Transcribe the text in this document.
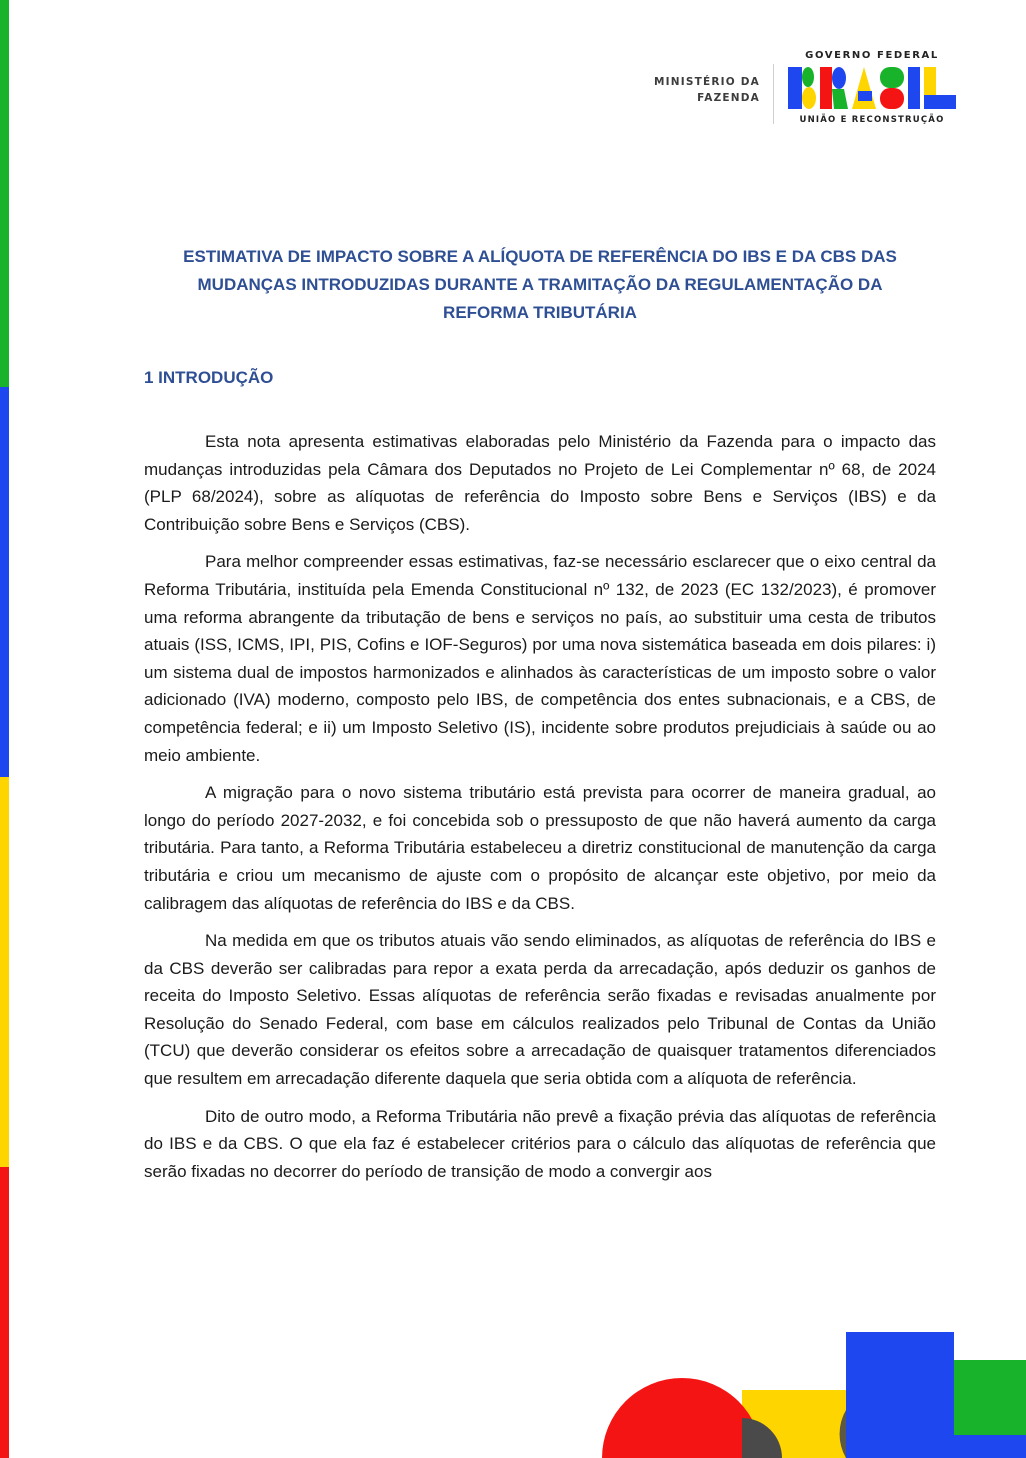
MINISTÉRIO DA
FAZENDA
GOVERNO FEDERAL
UNIÃO E RECONSTRUÇÃO
ESTIMATIVA DE IMPACTO SOBRE A ALÍQUOTA DE REFERÊNCIA DO IBS E DA CBS DAS
MUDANÇAS INTRODUZIDAS DURANTE A TRAMITAÇÃO DA REGULAMENTAÇÃO DA
REFORMA TRIBUTÁRIA
1 INTRODUÇÃO

Esta nota apresenta estimativas elaboradas pelo Ministério da Fazenda para o impacto das mudanças introduzidas pela Câmara dos Deputados no Projeto de Lei Complementar nº 68, de 2024 (PLP 68/2024), sobre as alíquotas de referência do Imposto sobre Bens e Serviços (IBS) e da Contribuição sobre Bens e Serviços (CBS).

Para melhor compreender essas estimativas, faz-se necessário esclarecer que o eixo central da Reforma Tributária, instituída pela Emenda Constitucional nº 132, de 2023 (EC 132/2023), é promover uma reforma abrangente da tributação de bens e serviços no país, ao substituir uma cesta de tributos atuais (ISS, ICMS, IPI, PIS, Cofins e IOF-Seguros) por uma nova sistemática baseada em dois pilares: i) um sistema dual de impostos harmonizados e alinhados às características de um imposto sobre o valor adicionado (IVA) moderno, composto pelo IBS, de competência dos entes subnacionais, e a CBS, de competência federal; e ii) um Imposto Seletivo (IS), incidente sobre produtos prejudiciais à saúde ou ao meio ambiente.

A migração para o novo sistema tributário está prevista para ocorrer de maneira gradual, ao longo do período 2027-2032, e foi concebida sob o pressuposto de que não haverá aumento da carga tributária. Para tanto, a Reforma Tributária estabeleceu a diretriz constitucional de manutenção da carga tributária e criou um mecanismo de ajuste com o propósito de alcançar este objetivo, por meio da calibragem das alíquotas de referência do IBS e da CBS.

Na medida em que os tributos atuais vão sendo eliminados, as alíquotas de referência do IBS e da CBS deverão ser calibradas para repor a exata perda da arrecadação, após deduzir os ganhos de receita do Imposto Seletivo. Essas alíquotas de referência serão fixadas e revisadas anualmente por Resolução do Senado Federal, com base em cálculos realizados pelo Tribunal de Contas da União (TCU) que deverão considerar os efeitos sobre a arrecadação de quaisquer tratamentos diferenciados que resultem em arrecadação diferente daquela que seria obtida com a alíquota de referência.

Dito de outro modo, a Reforma Tributária não prevê a fixação prévia das alíquotas de referência do IBS e da CBS. O que ela faz é estabelecer critérios para o cálculo das alíquotas de referência que serão fixadas no decorrer do período de transição de modo a convergir aos
